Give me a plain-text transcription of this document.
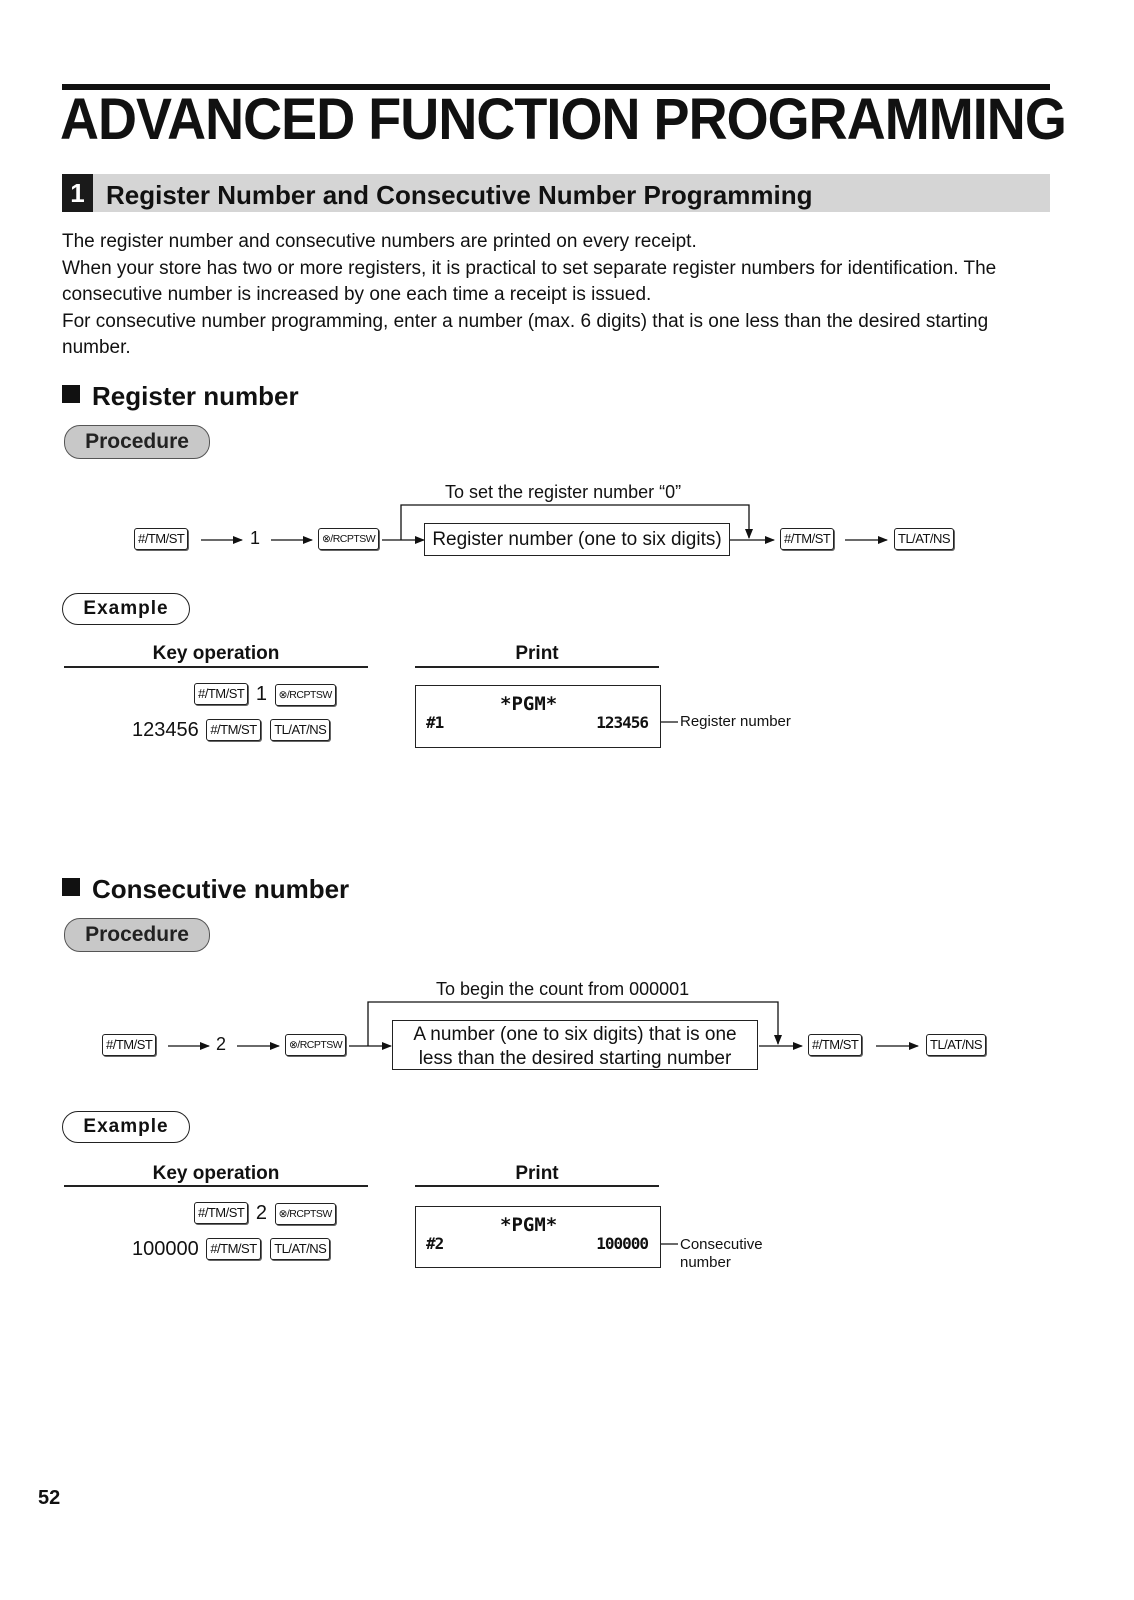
ADVANCED FUNCTION PROGRAMMING
1 Register Number and Consecutive Number Programming

The register number and consecutive numbers are printed on every receipt.

When your store has two or more registers, it is practical to set separate register numbers for identification. The consecutive number is increased by one each time a receipt is issued.

For consecutive number programming, enter a number (max. 6 digits) that is one less than the desired starting number.

Register number
Procedure
#/TM/ST	1	⊗/RCPTSW
To set the register number “0”
Register number (one to six digits)	#/TM/ST	TL/AT/NS
Example
Key operation	Print
#/TM/ST 1 ⊗/RCPTSW
123456 #/TM/ST TL/AT/NS
*PGM*
#1	123456 Register number
Consecutive number
Procedure
#/TM/ST	2	⊗/RCPTSW
To begin the count from 000001
A number (one to six digits) that is one
less than the desired starting number
#/TM/ST	TL/AT/NS
Example
Key operation	Print
#/TM/ST 2 ⊗/RCPTSW
100000 #/TM/ST TL/AT/NS
*PGM*
#2	100000 Consecutive
number
52
